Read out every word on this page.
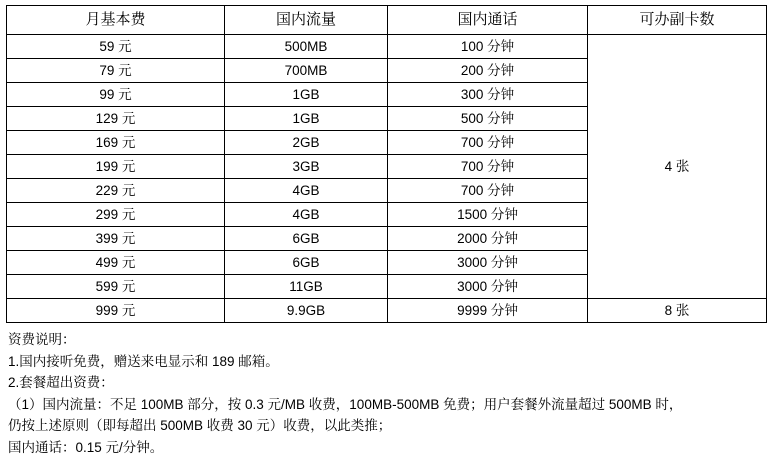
月基本费	国内流量	国内通话	可办副卡数
59 元	500MB	100 分钟	4 张
79 元	700MB	200 分钟	
99 元	1GB	300 分钟	
129 元	1GB	500 分钟	
169 元	2GB	700 分钟	
199 元	3GB	700 分钟	
229 元	4GB	700 分钟	
299 元	4GB	1500 分钟	
399 元	6GB	2000 分钟	
499 元	6GB	3000 分钟	
599 元	11GB	3000 分钟	
999 元	9.9GB	9999 分钟	8 张
资费说明：
1.国内接听免费，赠送来电显示和 189 邮箱。
2.套餐超出资费：
（1）国内流量：不足 100MB 部分，按 0.3 元/MB 收费，100MB-500MB 免费；用户套餐外流量超过 500MB 时，
仍按上述原则（即每超出 500MB 收费 30 元）收费，以此类推；
国内通话：0.15 元/分钟。
